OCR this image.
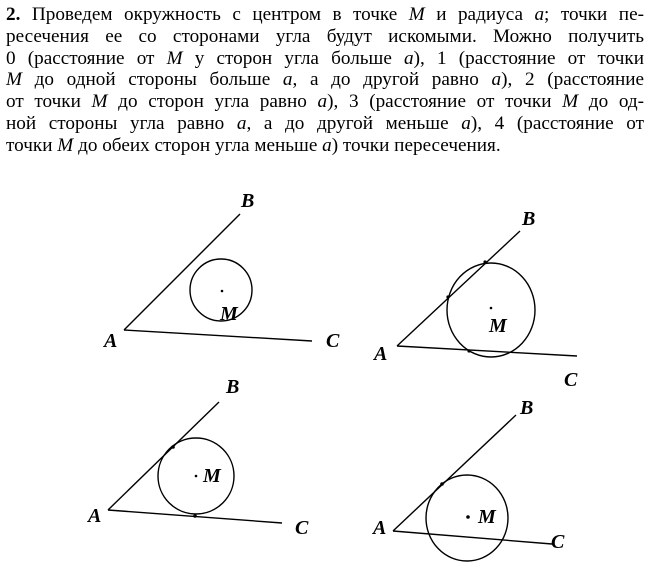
2. Проведем окружность с центром в точке M и радиуса a; точки пе-
ресечения ее со сторонами угла будут искомыми. Можно получить
0 (расстояние от M у сторон угла больше a), 1 (расстояние от точки
M до одной стороны больше a, а до другой равно a), 2 (расстояние
от точки M до сторон угла равно a), 3 (расстояние от точки M до од-
ной стороны угла равно a, а до другой меньше a), 4 (расстояние от
точки M до обеих сторон угла меньше a) точки пересечения.
A
B
C
M
A
B
C
M
A
B
C
M
A
B
C
M
